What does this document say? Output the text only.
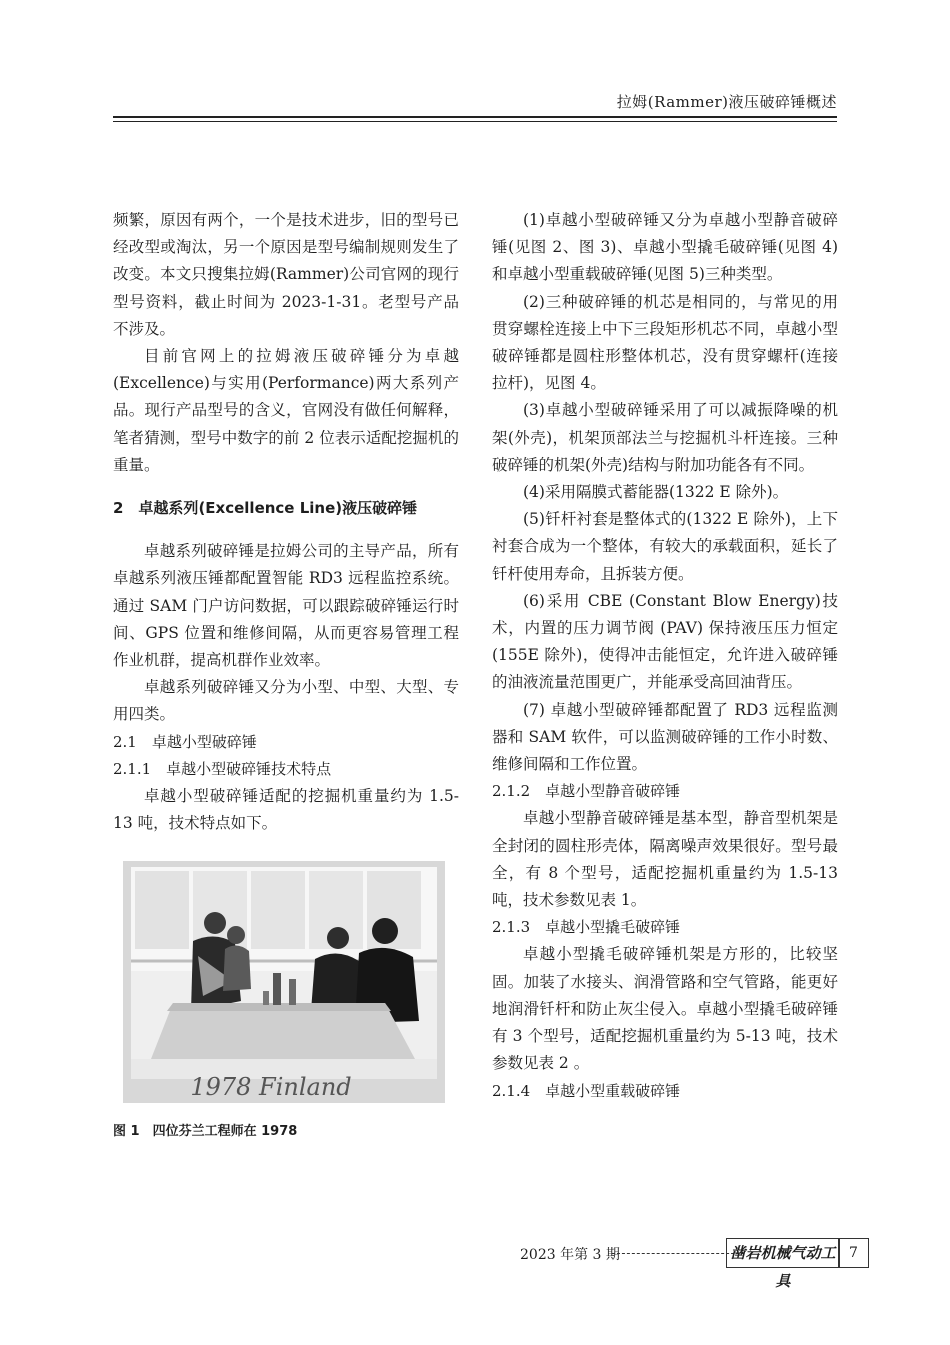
拉姆(Rammer)液压破碎锤概述

频繁，原因有两个，一个是技术进步，旧的型号已经改型或淘汰，另一个原因是型号编制规则发生了改变。本文只搜集拉姆(Rammer)公司官网的现行型号资料，截止时间为 2023-1-31。老型号产品不涉及。

目前官网上的拉姆液压破碎锤分为卓越(Excellence)与实用(Performance)两大系列产品。现行产品型号的含义，官网没有做任何解释，笔者猜测，型号中数字的前 2 位表示适配挖掘机的重量。

2　卓越系列(Excellence Line)液压破碎锤

卓越系列破碎锤是拉姆公司的主导产品，所有卓越系列液压锤都配置智能 RD3 远程监控系统。通过 SAM 门户访问数据，可以跟踪破碎锤运行时间、GPS 位置和维修间隔，从而更容易管理工程作业机群，提高机群作业效率。

卓越系列破碎锤又分为小型、中型、大型、专用四类。

2.1　卓越小型破碎锤

2.1.1　卓越小型破碎锤技术特点

卓越小型破碎锤适配的挖掘机重量约为 1.5-13 吨，技术特点如下。

1978 Finland

图 1　四位芬兰工程师在 1978

(1)卓越小型破碎锤又分为卓越小型静音破碎锤(见图 2、图 3)、卓越小型撬毛破碎锤(见图 4)和卓越小型重载破碎锤(见图 5)三种类型。

(2)三种破碎锤的机芯是相同的，与常见的用贯穿螺栓连接上中下三段矩形机芯不同，卓越小型破碎锤都是圆柱形整体机芯，没有贯穿螺杆(连接拉杆)，见图 4。

(3)卓越小型破碎锤采用了可以减振降噪的机架(外壳)，机架顶部法兰与挖掘机斗杆连接。三种破碎锤的机架(外壳)结构与附加功能各有不同。

(4)采用隔膜式蓄能器(1322 E 除外)。

(5)钎杆衬套是整体式的(1322 E 除外)，上下衬套合成为一个整体，有较大的承载面积，延长了钎杆使用寿命，且拆装方便。

(6)采用 CBE (Constant Blow Energy)技术，内置的压力调节阀 (PAV) 保持液压压力恒定(155E 除外)，使得冲击能恒定，允许进入破碎锤的油液流量范围更广，并能承受高回油背压。

(7) 卓越小型破碎锤都配置了 RD3 远程监测器和 SAM 软件，可以监测破碎锤的工作小时数、维修间隔和工作位置。

2.1.2　卓越小型静音破碎锤

卓越小型静音破碎锤是基本型，静音型机架是全封闭的圆柱形壳体，隔离噪声效果很好。型号最全，有 8 个型号，适配挖掘机重量约为 1.5-13 吨，技术参数见表 1。

2.1.3　卓越小型撬毛破碎锤

卓越小型撬毛破碎锤机架是方形的，比较坚固。加装了水接头、润滑管路和空气管路，能更好地润滑钎杆和防止灰尘侵入。卓越小型撬毛破碎锤有 3 个型号，适配挖掘机重量约为 5-13 吨，技术参数见表 2 。

2.1.4　卓越小型重载破碎锤

2023 年第 3 期	凿岩机械气动工具
7
